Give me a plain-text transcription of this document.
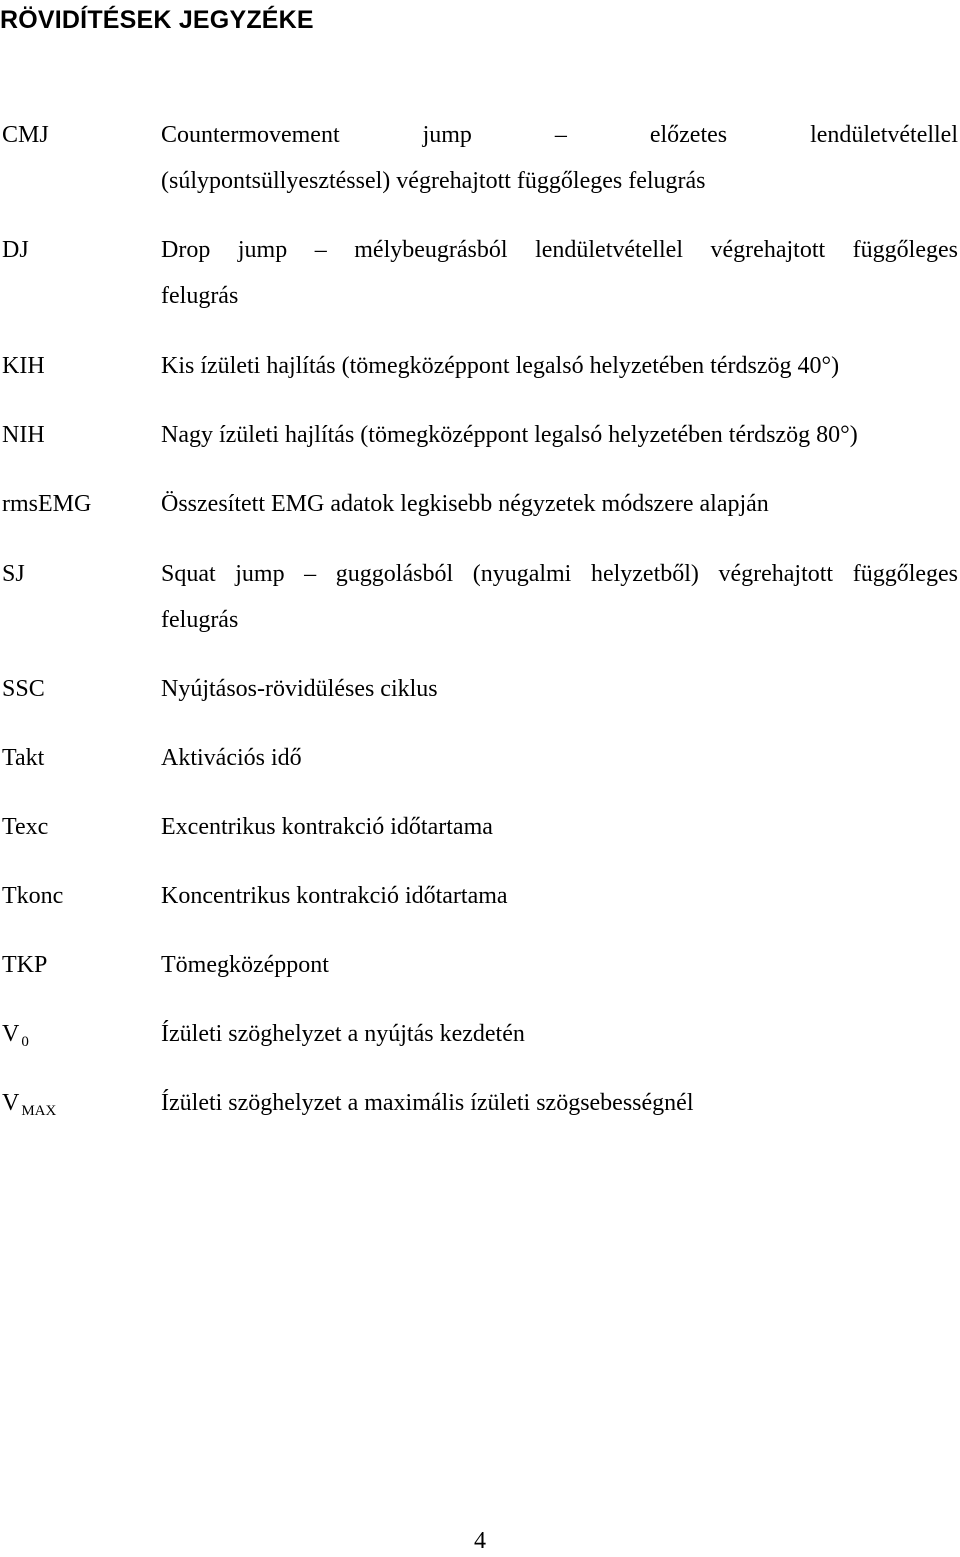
RÖVIDÍTÉSEK JEGYZÉKE
CMJ	Countermovement jump – előzetes lendületvétellel
(súlypontsüllyesztéssel) végrehajtott függőleges felugrás
DJ	Drop jump – mélybeugrásból lendületvétellel végrehajtott függőleges
felugrás
KIH	Kis ízületi hajlítás (tömegközéppont legalsó helyzetében térdszög 40°)
NIH	Nagy ízületi hajlítás (tömegközéppont legalsó helyzetében térdszög 80°)
rmsEMG	Összesített EMG adatok legkisebb négyzetek módszere alapján
SJ	Squat jump – guggolásból (nyugalmi helyzetből) végrehajtott függőleges
felugrás
SSC	Nyújtásos-rövidüléses ciklus
Takt	Aktivációs idő
Texc	Excentrikus kontrakció időtartama
Tkonc	Koncentrikus kontrakció időtartama
TKP	Tömegközéppont
V $_0$	Ízületi szöghelyzet a nyújtás kezdetén
V $_{MAX}$	Ízületi szöghelyzet a maximális ízületi szögsebességnél
4
